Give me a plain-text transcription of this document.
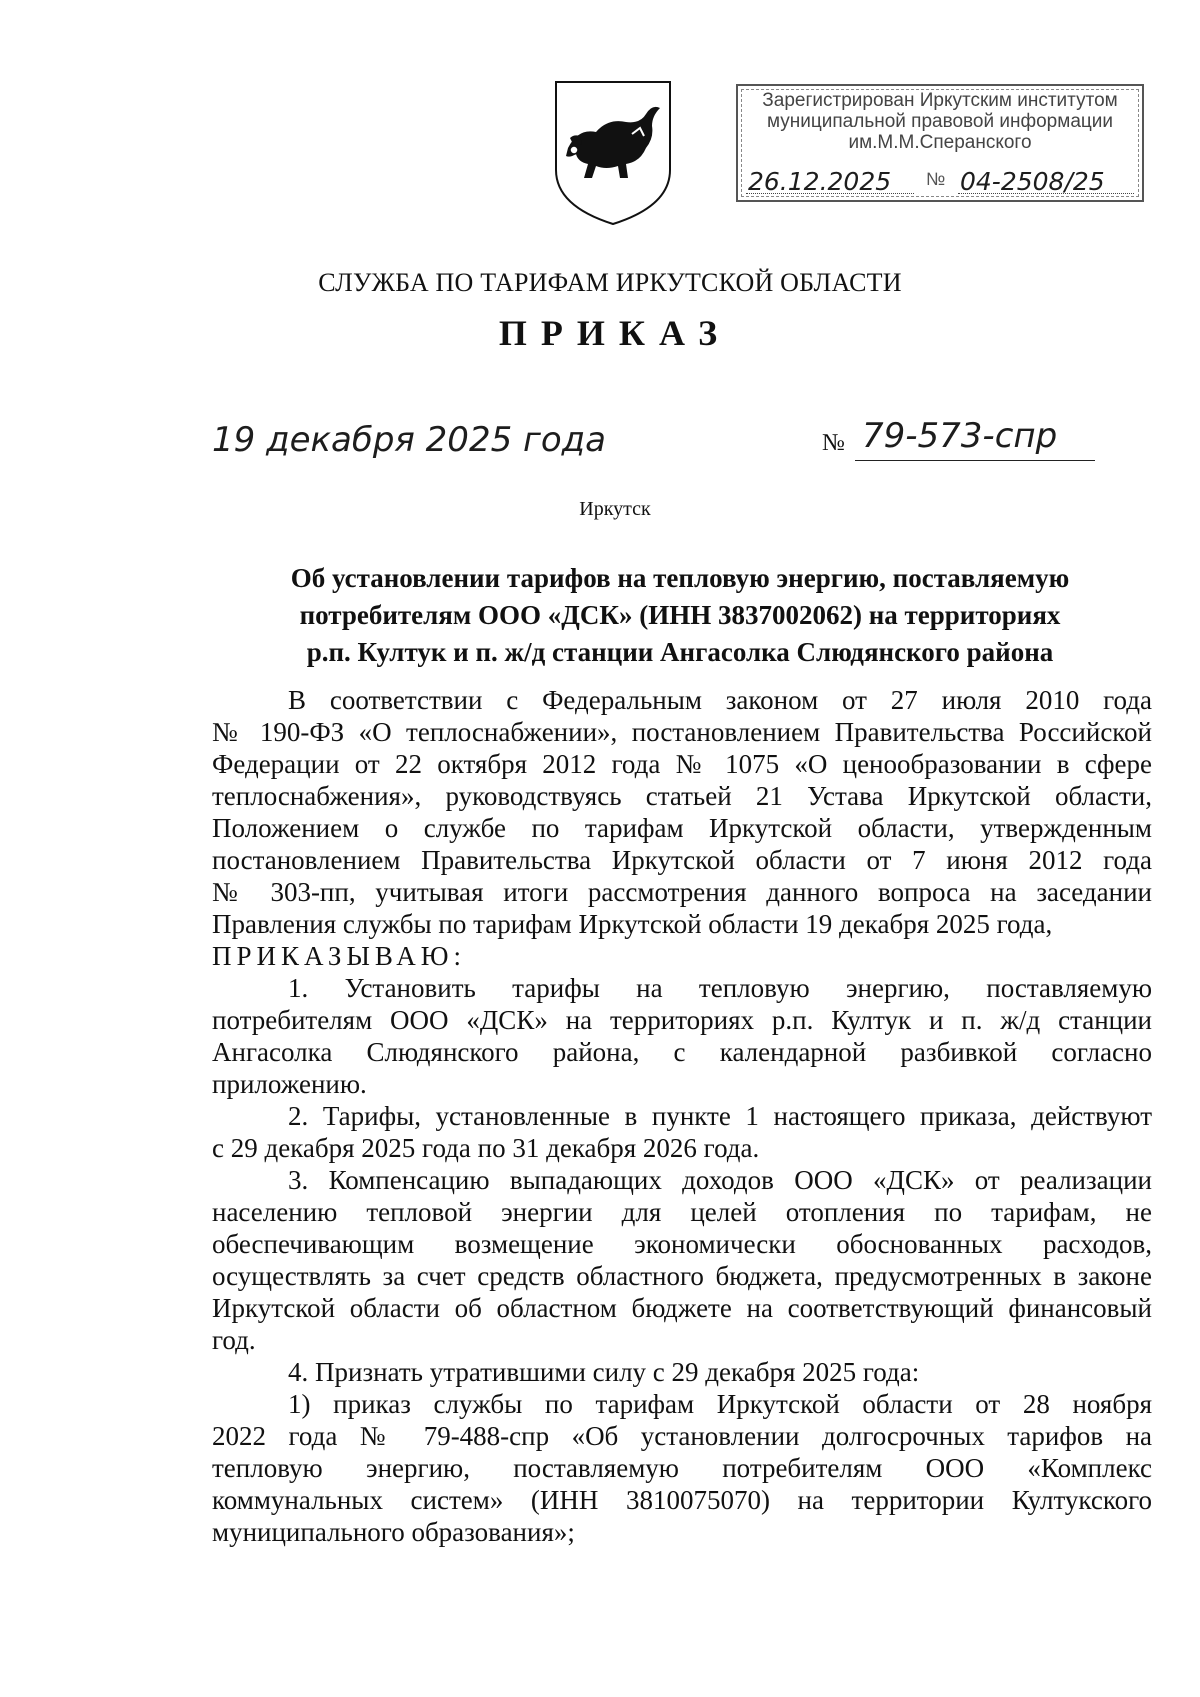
Зарегистрирован Иркутским институтом
муниципальной правовой информации
им.М.М.Сперанского
26.12.2025 № 04-2508/25
СЛУЖБА ПО ТАРИФАМ ИРКУТСКОЙ ОБЛАСТИ
ПРИКАЗ
19 декабря 2025 года	№ 79-573-спр
Иркутск
Об установлении тарифов на тепловую энергию, поставляемую
потребителям ООО «ДСК» (ИНН 3837002062) на территориях
р.п. Култук и п. ж/д станции Ангасолка Слюдянского района

В соответствии с Федеральным законом от 27 июля 2010 года

№ 190-ФЗ «О теплоснабжении», постановлением Правительства Российской

Федерации от 22 октября 2012 года № 1075 «О ценообразовании в сфере

теплоснабжения», руководствуясь статьей 21 Устава Иркутской области,

Положением о службе по тарифам Иркутской области, утвержденным

постановлением Правительства Иркутской области от 7 июня 2012 года

№ 303-пп, учитывая итоги рассмотрения данного вопроса на заседании

Правления службы по тарифам Иркутской области 19 декабря 2025 года,

ПРИКАЗЫВАЮ:

1. Установить тарифы на тепловую энергию, поставляемую

потребителям ООО «ДСК» на территориях р.п. Култук и п. ж/д станции

Ангасолка Слюдянского района, с календарной разбивкой согласно

приложению.

2. Тарифы, установленные в пункте 1 настоящего приказа, действуют

с 29 декабря 2025 года по 31 декабря 2026 года.

3. Компенсацию выпадающих доходов ООО «ДСК» от реализации

населению тепловой энергии для целей отопления по тарифам, не

обеспечивающим возмещение экономически обоснованных расходов,

осуществлять за счет средств областного бюджета, предусмотренных в законе

Иркутской области об областном бюджете на соответствующий финансовый

год.

4. Признать утратившими силу с 29 декабря 2025 года:

1) приказ службы по тарифам Иркутской области от 28 ноября

2022 года № 79-488-спр «Об установлении долгосрочных тарифов на

тепловую энергию, поставляемую потребителям ООО «Комплекс

коммунальных систем» (ИНН 3810075070) на территории Култукского

муниципального образования»;
